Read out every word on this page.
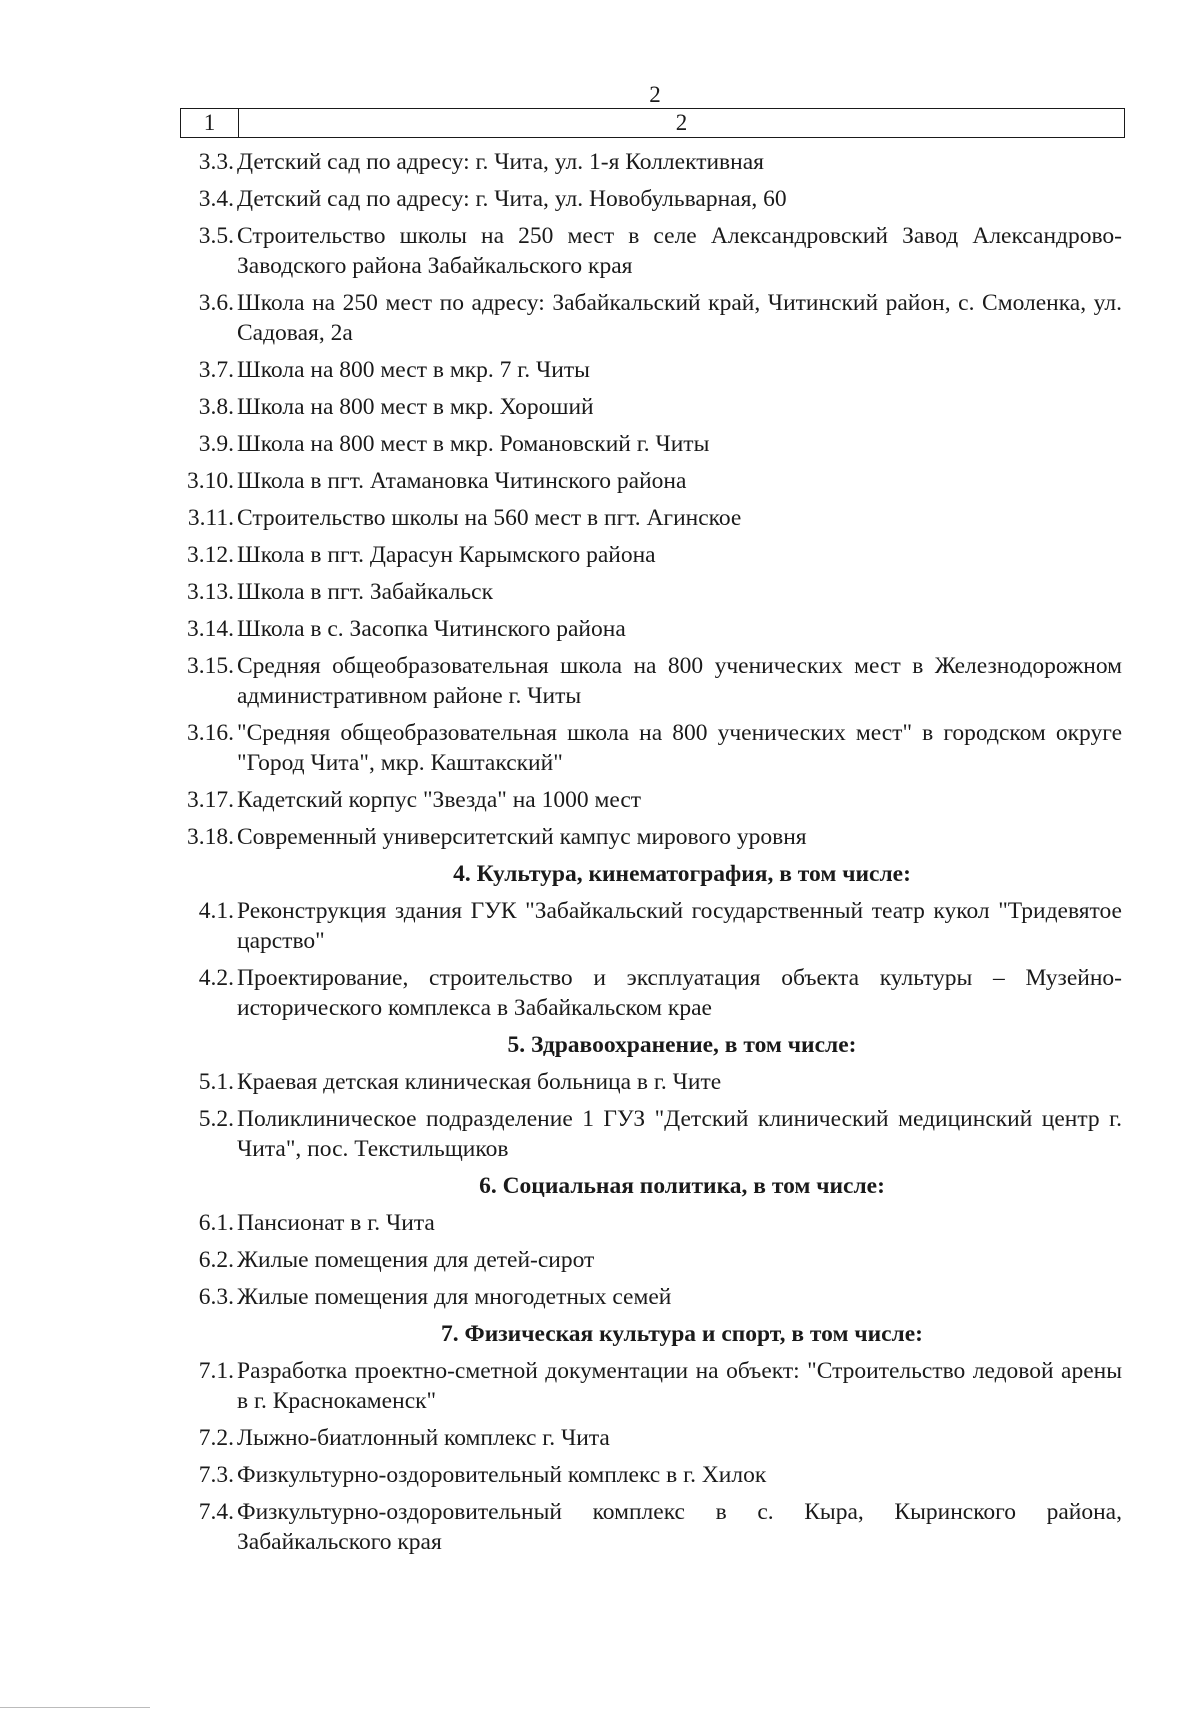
2
1	2
3.3. Детский сад по адресу: г. Чита, ул. 1-я Коллективная
3.4. Детский сад по адресу: г. Чита, ул. Новобульварная, 60
3.5. Строительство школы на 250 мест в селе Александровский Завод Александрово-Заводского района Забайкальского края
3.6. Школа на 250 мест по адресу: Забайкальский край, Читинский район, с. Смоленка, ул. Садовая, 2а
3.7. Школа на 800 мест в мкр. 7 г. Читы
3.8. Школа на 800 мест в мкр. Хороший
3.9. Школа на 800 мест в мкр. Романовский г. Читы
3.10. Школа в пгт. Атамановка Читинского района
3.11. Строительство школы на 560 мест в пгт. Агинское
3.12. Школа в пгт. Дарасун Карымского района
3.13. Школа в пгт. Забайкальск
3.14. Школа в с. Засопка Читинского района
3.15. Средняя общеобразовательная школа на 800 ученических мест в Железнодорожном административном районе г. Читы
3.16. "Средняя общеобразовательная школа на 800 ученических мест" в городском округе "Город Чита", мкр. Каштакский"
3.17. Кадетский корпус "Звезда" на 1000 мест
3.18. Современный университетский кампус мирового уровня
4. Культура, кинематография, в том числе:
4.1. Реконструкция здания ГУК "Забайкальский государственный театр кукол "Тридевятое царство"
4.2. Проектирование, строительство и эксплуатация объекта культуры – Музейно-исторического комплекса в Забайкальском крае
5. Здравоохранение, в том числе:
5.1. Краевая детская клиническая больница в г. Чите
5.2. Поликлиническое подразделение 1 ГУЗ "Детский клинический медицинский центр г. Чита", пос. Текстильщиков
6. Социальная политика, в том числе:
6.1. Пансионат в г. Чита
6.2. Жилые помещения для детей-сирот
6.3. Жилые помещения для многодетных семей
7. Физическая культура и спорт, в том числе:
7.1. Разработка проектно-сметной документации на объект: "Строительство ледовой арены в г. Краснокаменск"
7.2. Лыжно-биатлонный комплекс г. Чита
7.3. Физкультурно-оздоровительный комплекс в г. Хилок
7.4. Физкультурно-оздоровительный комплекс в с. Кыра, Кыринского района, Забайкальского края
